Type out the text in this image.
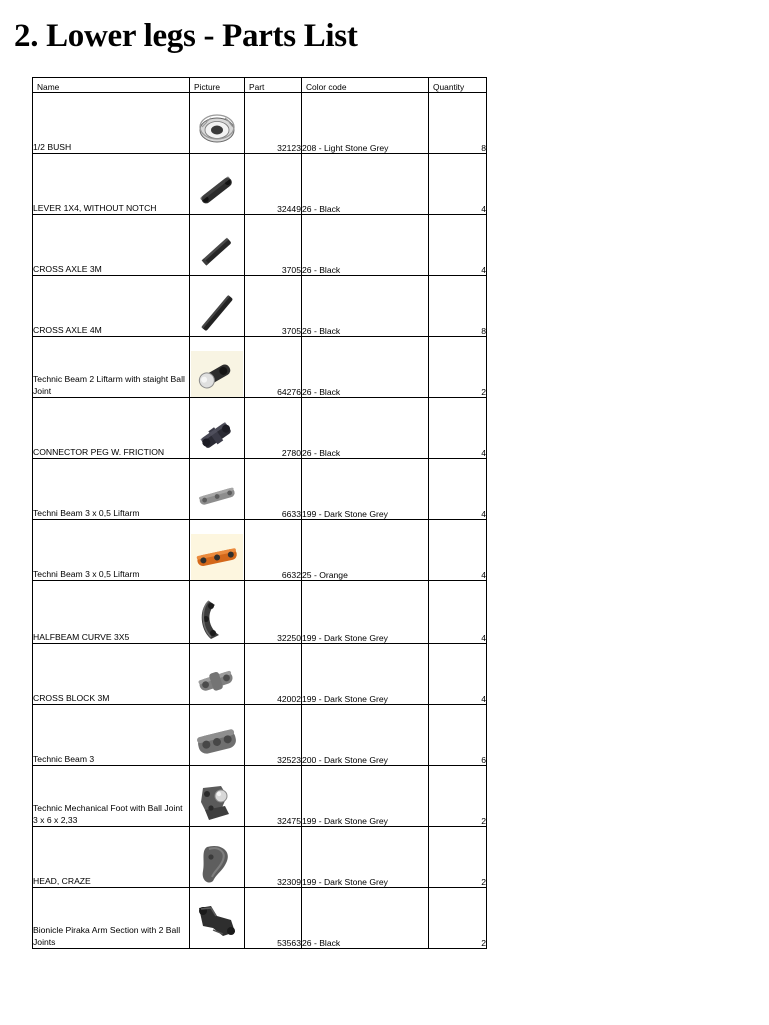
2. Lower legs - Parts List
Name	Picture	Part	Color code	Quantity

1/2 BUSH		32123	208 - Light Stone Grey	8
LEVER 1X4, WITHOUT NOTCH		32449	26 - Black	4
CROSS AXLE 3M		3705	26 - Black	4
CROSS AXLE 4M		3705	26 - Black	8

Technic Beam 2 Liftarm with staight Ball Joint		64276	26 - Black	2
CONNECTOR PEG W. FRICTION		2780	26 - Black	4
Techni Beam 3 x 0,5 Liftarm		6633	199 - Dark Stone Grey	4
Techni Beam 3 x 0,5 Liftarm		6632	25 - Orange	4
HALFBEAM CURVE 3X5		32250	199 - Dark Stone Grey	4
CROSS BLOCK 3M		42002	199 - Dark Stone Grey	4
Technic Beam 3		32523	200 - Dark Stone Grey	6

Technic Mechanical Foot with Ball Joint 3 x 6 x 2,33		32475	199 - Dark Stone Grey	2
HEAD, CRAZE		32309	199 - Dark Stone Grey	2

Bionicle Piraka Arm Section with 2 Ball Joints		53563	26 - Black	2
